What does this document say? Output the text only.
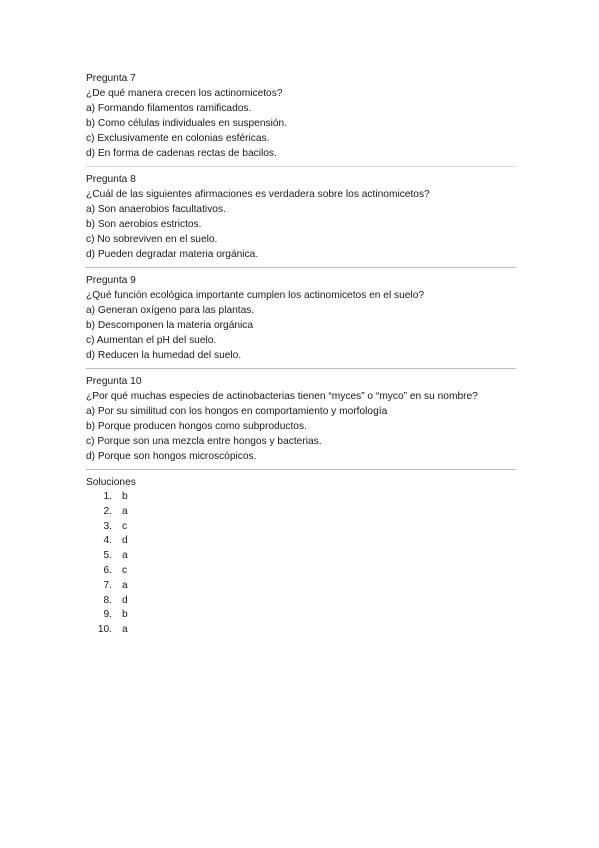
Pregunta 7
¿De qué manera crecen los actinomicetos?
a) Formando filamentos ramificados.
b) Como células individuales en suspensión.
c) Exclusivamente en colonias esféricas.
d) En forma de cadenas rectas de bacilos.
Pregunta 8
¿Cuál de las siguientes afirmaciones es verdadera sobre los actinomicetos?
a) Son anaerobios facultativos.
b) Son aerobios estrictos.
c) No sobreviven en el suelo.
d) Pueden degradar materia orgánica.
Pregunta 9
¿Qué función ecológica importante cumplen los actinomicetos en el suelo?
a) Generan oxígeno para las plantas.
b) Descomponen la materia orgánica
c) Aumentan el pH del suelo.
d) Reducen la humedad del suelo.
Pregunta 10
¿Por qué muchas especies de actinobacterias tienen “myces” o “myco” en su nombre?
a) Por su similitud con los hongos en comportamiento y morfología
b) Porque producen hongos como subproductos.
c) Porque son una mezcla entre hongos y bacterias.
d) Porque son hongos microscópicos.
Soluciones
1. b
2. a
3. c
4. d
5. a
6. c
7. a
8. d
9. b
10. a
